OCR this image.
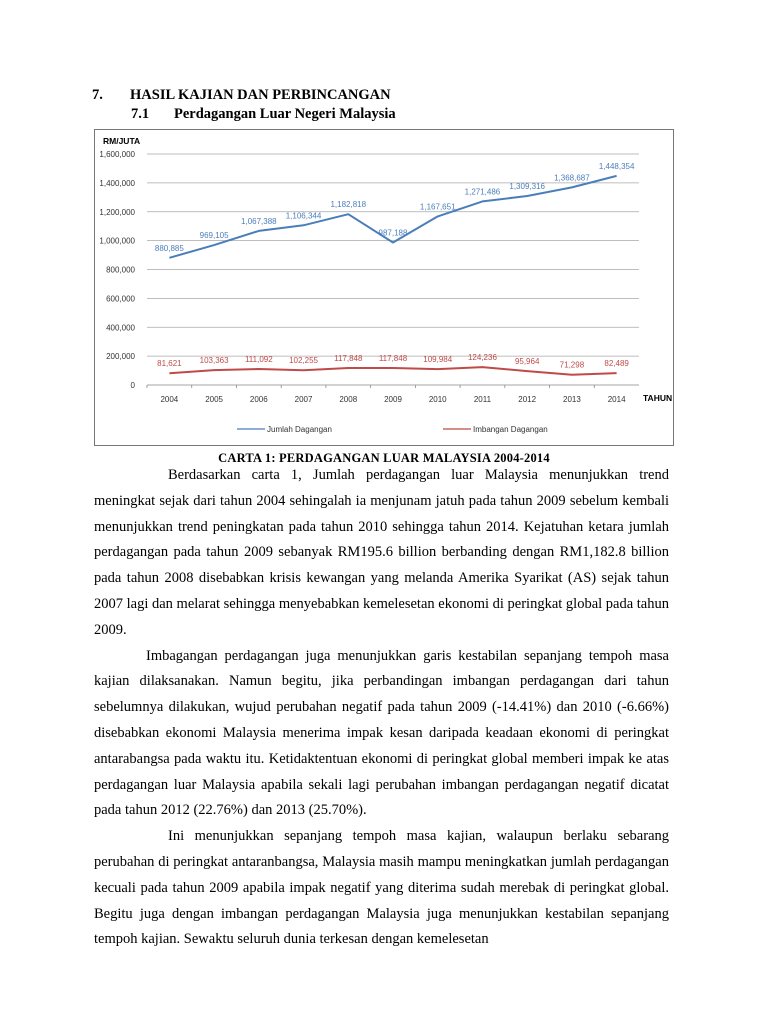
7. HASIL KAJIAN DAN PERBINCANGAN
7.1 Perdagangan Luar Negeri Malaysia
RM/JUTA
0
200,000
400,000
600,000
800,000
1,000,000
1,200,000
1,400,000
1,600,000
2004	2005	2006	2007	2008	2009	2010	2011	2012	2013	2014 TAHUN
880,885
969,105
1,067,388
1,106,344
1,182,818
987,188
1,167,651
1,271,486
1,309,316
1,368,687
1,448,354
81,621 103,363 111,092 102,255 117,848 117,848 109,984 124,236 95,964	71,298	82,489
Jumlah Dagangan	Imbangan Dagangan
CARTA 1: PERDAGANGAN LUAR MALAYSIA 2004-2014

Berdasarkan carta 1, Jumlah perdagangan luar Malaysia menunjukkan trend meningkat sejak dari tahun 2004 sehingalah ia menjunam jatuh pada tahun 2009 sebelum kembali menunjukkan trend peningkatan pada tahun 2010 sehingga tahun 2014. Kejatuhan ketara jumlah perdagangan pada tahun 2009 sebanyak RM195.6 billion berbanding dengan RM1,182.8 billion pada tahun 2008 disebabkan krisis kewangan yang melanda Amerika Syarikat (AS) sejak tahun 2007 lagi dan melarat sehingga menyebabkan kemelesetan ekonomi di peringkat global pada tahun 2009.

Imbagangan perdagangan juga menunjukkan garis kestabilan sepanjang tempoh masa kajian dilaksanakan. Namun begitu, jika perbandingan imbangan perdagangan dari tahun sebelumnya dilakukan, wujud perubahan negatif pada tahun 2009 (-14.41%) dan 2010 (-6.66%) disebabkan ekonomi Malaysia menerima impak kesan daripada keadaan ekonomi di peringkat antarabangsa pada waktu itu. Ketidaktentuan ekonomi di peringkat global memberi impak ke atas perdagangan luar Malaysia apabila sekali lagi perubahan imbangan perdagangan negatif dicatat pada tahun 2012 (22.76%) dan 2013 (25.70%).

Ini menunjukkan sepanjang tempoh masa kajian, walaupun berlaku sebarang perubahan di peringkat antaranbangsa, Malaysia masih mampu meningkatkan jumlah perdagangan kecuali pada tahun 2009 apabila impak negatif yang diterima sudah merebak di peringkat global. Begitu juga dengan imbangan perdagangan Malaysia juga menunjukkan kestabilan sepanjang tempoh kajian. Sewaktu seluruh dunia terkesan dengan kemelesetan
